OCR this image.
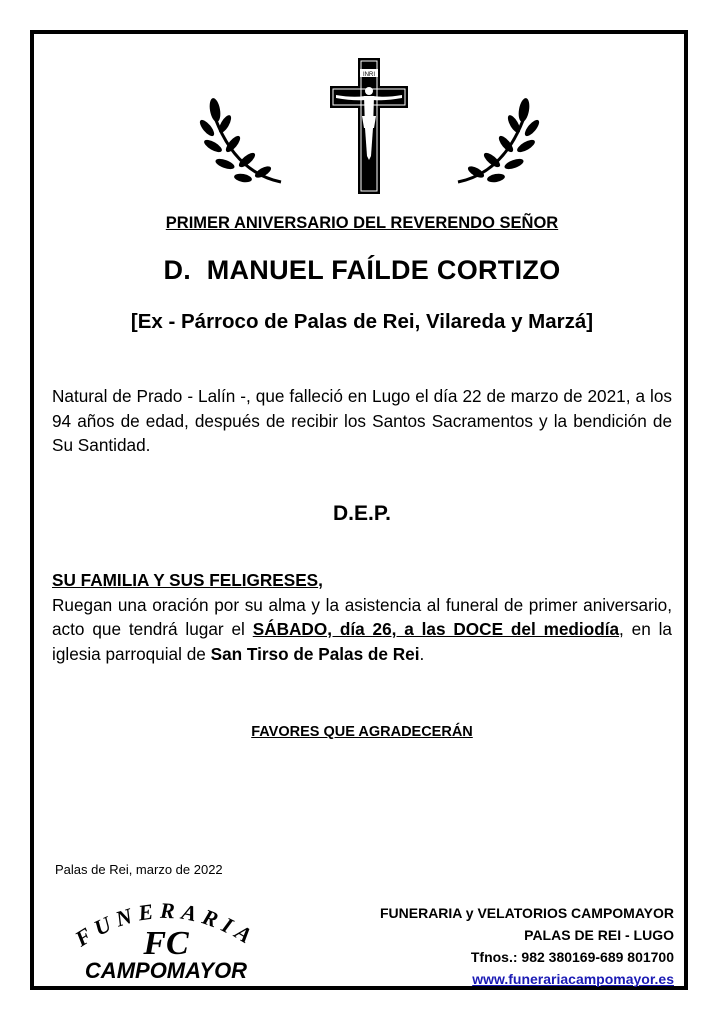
INRI
PRIMER ANIVERSARIO DEL REVERENDO SEÑOR
D.  MANUEL FAÍLDE CORTIZO
[Ex - Párroco de Palas de Rei, Vilareda y Marzá]
Natural de Prado - Lalín -, que falleció en Lugo el día 22 de marzo de 2021, a los 94 años de edad, después de recibir los Santos Sacramentos y la bendición de Su Santidad.
D.E.P.
SU FAMILIA Y SUS FELIGRESES,
Ruegan una oración por su alma y la asistencia al funeral de primer aniversario, acto que tendrá lugar el SÁBADO, día 26, a las DOCE del mediodía, en la iglesia parroquial de San Tirso de Palas de Rei.
FAVORES QUE AGRADECERÁN
Palas de Rei, marzo de 2022
FUNERARIA
FC
CAMPOMAYOR
FUNERARIA y VELATORIOS CAMPOMAYOR
PALAS DE REI - LUGO
Tfnos.: 982 380169-689 801700
www.funerariacampomayor.es
